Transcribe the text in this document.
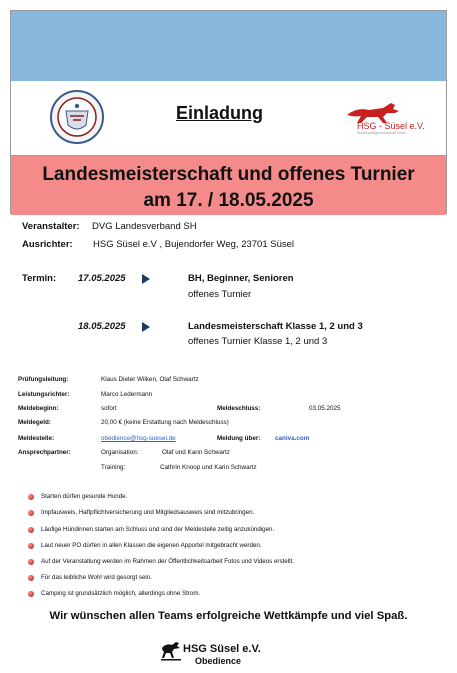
Einladung
HSG - Süsel e.V.
Hundesportgemeinschaft Süsel
Landesmeisterschaft und offenes Turnier
am 17. / 18.05.2025
Veranstalter: DVG Landesverband SH
Ausrichter: HSG Süsel e.V , Bujendorfer Weg, 23701 Süsel
Termin: 17.05.2025	BH, Beginner, Senioren
offenes Turnier
18.05.2025	Landesmeisterschaft Klasse 1, 2 und 3
offenes Turnier Klasse 1, 2 und 3
Prüfungsleitung:	Klaus Dieter Wilken, Olaf Schwartz
Leistungsrichter:	Marco Ledermann
Meldebeginn:	sofort	Meldeschluss:	03.05.2025
Meldegeld:	20,00 € (keine Erstattung nach Meldeschluss)
Meldestelle:	obedience@hsg-suesel.de	Meldung über: caniva.com
Ansprechpartner:	Organisation:	Olaf und Karin Schwartz
Training:	Cathrin Knoop und Karin Schwartz
Starten dürfen gesunde Hunde.
Impfausweis, Haftpflichtversicherung und Mitgliedsausweis sind mitzubringen.
Läufige Hündinnen starten am Schluss und sind der Meldestelle zeitig anzukündigen.
Laut neuer PO dürfen in allen Klassen die eigenen Apportel mitgebracht werden.
Auf der Veranstaltung werden im Rahmen der Öffentlichkeitsarbeit Fotos und Videos erstellt.
Für das leibliche Wohl wird gesorgt sein.
Camping ist grundsätzlich möglich, allerdings ohne Strom.
Wir wünschen allen Teams erfolgreiche Wettkämpfe und viel Spaß.
HSG Süsel e.V.
Obedience
